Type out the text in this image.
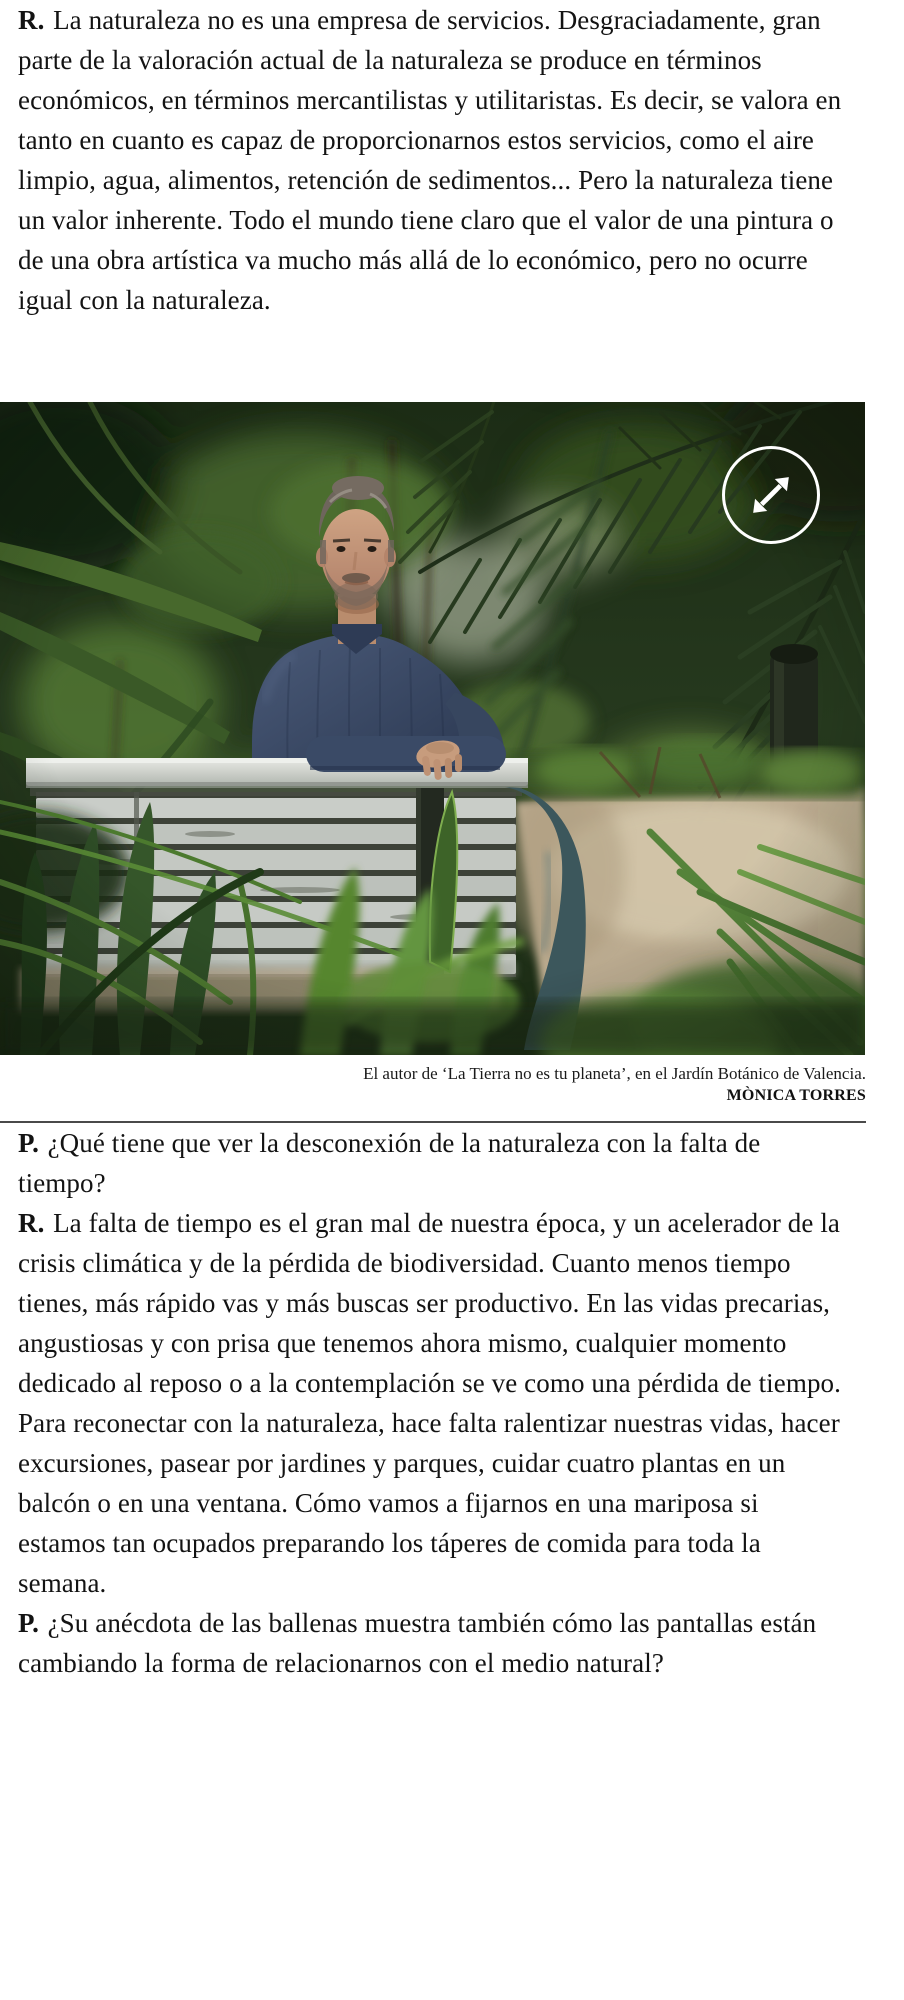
R. La naturaleza no es una empresa de servicios. Desgraciadamente, gran parte de la valoración actual de la naturaleza se produce en términos económicos, en términos mercantilistas y utilitaristas. Es decir, se valora en tanto en cuanto es capaz de proporcionarnos estos servicios, como el aire limpio, agua, alimentos, retención de sedimentos... Pero la naturaleza tiene un valor inherente. Todo el mundo tiene claro que el valor de una pintura o de una obra artística va mucho más allá de lo económico, pero no ocurre igual con la naturaleza.

El autor de ‘La Tierra no es tu planeta’, en el Jardín Botánico de Valencia.
MÒNICA TORRES

P. ¿Qué tiene que ver la desconexión de la naturaleza con la falta de tiempo?

R. La falta de tiempo es el gran mal de nuestra época, y un acelerador de la crisis climática y de la pérdida de biodiversidad. Cuanto menos tiempo tienes, más rápido vas y más buscas ser productivo. En las vidas precarias, angustiosas y con prisa que tenemos ahora mismo, cualquier momento dedicado al reposo o a la contemplación se ve como una pérdida de tiempo. Para reconectar con la naturaleza, hace falta ralentizar nuestras vidas, hacer excursiones, pasear por jardines y parques, cuidar cuatro plantas en un balcón o en una ventana. Cómo vamos a fijarnos en una mariposa si estamos tan ocupados preparando los táperes de comida para toda la semana.

P. ¿Su anécdota de las ballenas muestra también cómo las pantallas están cambiando la forma de relacionarnos con el medio natural?
